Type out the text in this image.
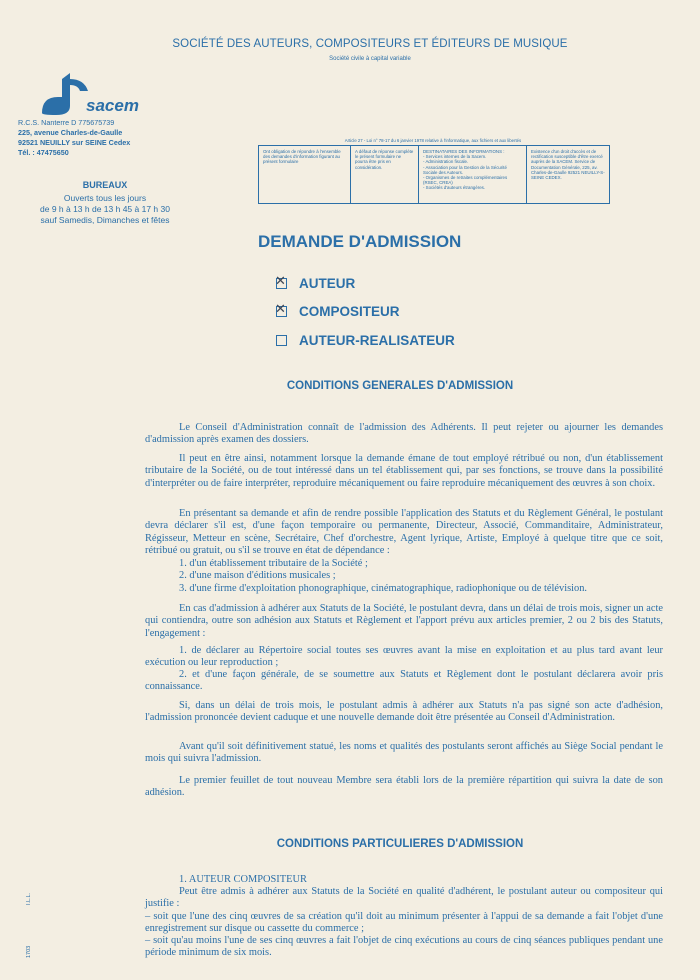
SOCIÉTÉ DES AUTEURS, COMPOSITEURS ET ÉDITEURS DE MUSIQUE
Société civile à capital variable
sacem
R.C.S. Nanterre D 775675739
225, avenue Charles-de-Gaulle
92521 NEUILLY sur SEINE Cedex
Tél. : 47475650
BUREAUX
Ouverts tous les jours
de 9 h à 13 h de 13 h 45 à 17 h 30
sauf Samedis, Dimanches et fêtes
Article 27 - Loi n° 78-17 du 6 janvier 1978 relative à l'informatique, aux fichiers et aux libertés
Ont obligation de répondre à l'ensemble des demandes d'information figurant au présent formulaire
A défaut de réponse complète le présent formulaire ne pourra être pris en considération.
DESTINATAIRES DES INFORMATIONS :
- Services internes de la Sacem.
- Administration fiscale.
- Association pour la Gestion de la Sécurité Sociale des Auteurs.
- Organismes de retraites complémentaires (RSEC, CREA)
- Sociétés d'auteurs étrangères.
Existence d'un droit d'accès et de rectification susceptible d'être exercé auprès de la SACEM. Service de Documentation Générale, 225, av. Charles-de-Gaulle 92521 NEUILLY-S-SEINE CEDEX.
DEMANDE D'ADMISSION
✕
AUTEUR
✕
COMPOSITEUR
AUTEUR-REALISATEUR
CONDITIONS GENERALES D'ADMISSION
Le Conseil d'Administration connaît de l'admission des Adhérents. Il peut rejeter ou ajourner les demandes d'admission après examen des dossiers.
Il peut en être ainsi, notamment lorsque la demande émane de tout employé rétribué ou non, d'un établissement tributaire de la Société, ou de tout intéressé dans un tel établissement qui, par ses fonctions, se trouve dans la possibilité d'interpréter ou de faire interpréter, reproduire mécaniquement ou faire reproduire mécaniquement des œuvres à son choix.
En présentant sa demande et afin de rendre possible l'application des Statuts et du Règlement Général, le postulant devra déclarer s'il est, d'une façon temporaire ou permanente, Directeur, Associé, Commanditaire, Administrateur, Régisseur, Metteur en scène, Secrétaire, Chef d'orchestre, Agent lyrique, Artiste, Employé à quelque titre que ce soit, rétribué ou gratuit, ou s'il se trouve en état de dépendance :
1. d'un établissement tributaire de la Société ;
2. d'une maison d'éditions musicales ;
3. d'une firme d'exploitation phonographique, cinématographique, radiophonique ou de télévision.
En cas d'admission à adhérer aux Statuts de la Société, le postulant devra, dans un délai de trois mois, signer un acte qui contiendra, outre son adhésion aux Statuts et Règlement et l'apport prévu aux articles premier, 2 ou 2 bis des Statuts, l'engagement :
1. de déclarer au Répertoire social toutes ses œuvres avant la mise en exploitation et au plus tard avant leur exécution ou leur reproduction ;
2. et d'une façon générale, de se soumettre aux Statuts et Règlement dont le postulant déclarera avoir pris connaissance.
Si, dans un délai de trois mois, le postulant admis à adhérer aux Statuts n'a pas signé son acte d'adhésion, l'admission prononcée devient caduque et une nouvelle demande doit être présentée au Conseil d'Administration.
Avant qu'il soit définitivement statué, les noms et qualités des postulants seront affichés au Siège Social pendant le mois qui suivra l'admission.
Le premier feuillet de tout nouveau Membre sera établi lors de la première répartition qui suivra la date de son adhésion.
CONDITIONS PARTICULIERES D'ADMISSION
1. AUTEUR COMPOSITEUR
Peut être admis à adhérer aux Statuts de la Société en qualité d'adhérent, le postulant auteur ou compositeur qui justifie :
– soit que l'une des cinq œuvres de sa création qu'il doit au minimum présenter à l'appui de sa demande a fait l'objet d'une enregistrement sur disque ou cassette du commerce ;
– soit qu'au moins l'une de ses cinq œuvres a fait l'objet de cinq exécutions au cours de cinq séances publiques pendant une période minimum de six mois.
I.L.L.
1703
